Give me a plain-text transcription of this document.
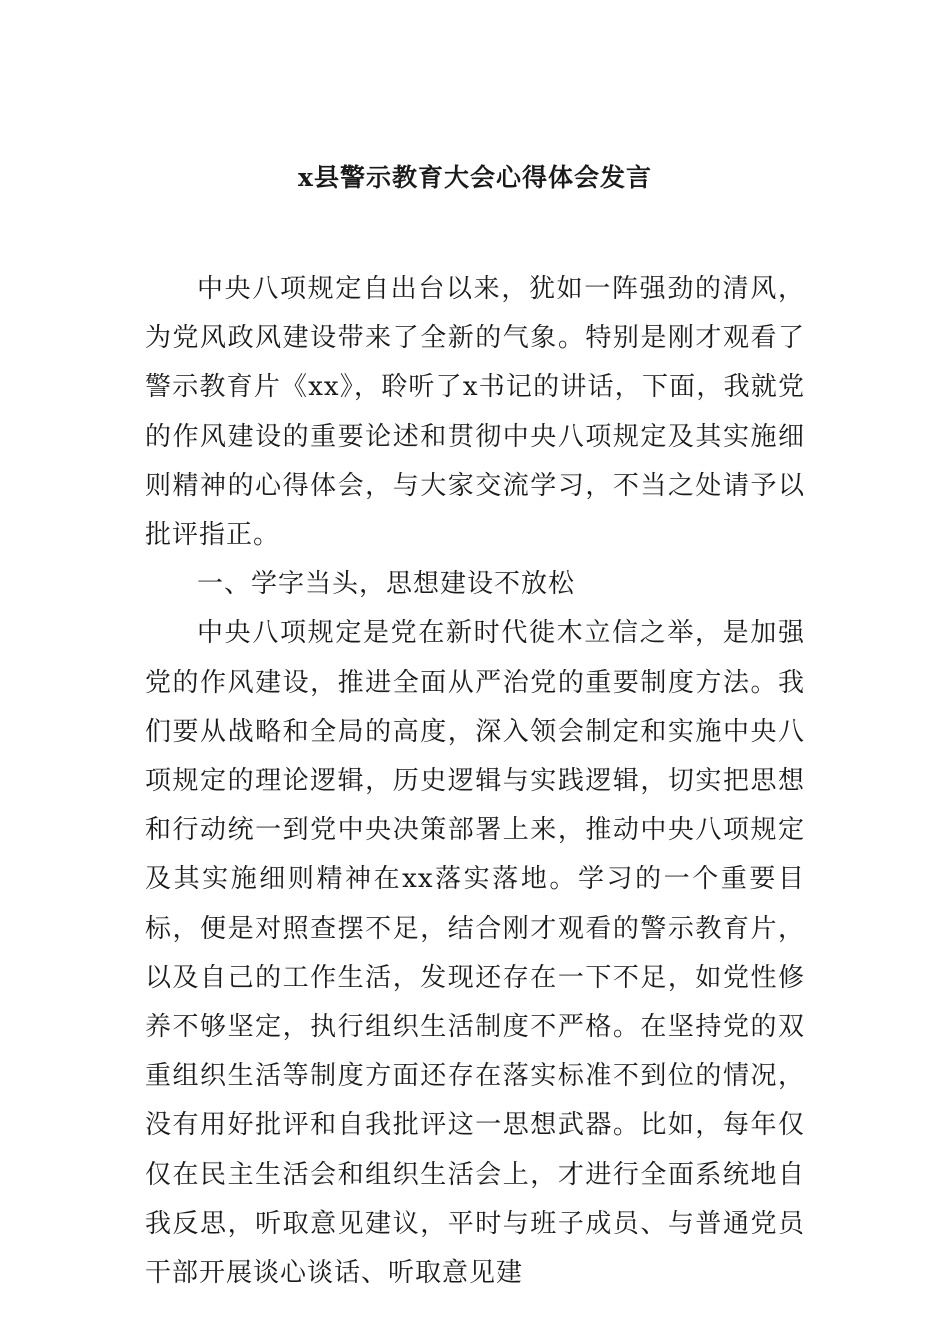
x县警示教育大会心得体会发言

中央八项规定自出台以来，犹如一阵强劲的清风，为党风政风建设带来了全新的气象。特别是刚才观看了警示教育片《xx》，聆听了x书记的讲话，下面，我就党的作风建设的重要论述和贯彻中央八项规定及其实施细则精神的心得体会，与大家交流学习，不当之处请予以批评指正。

一、学字当头，思想建设不放松

中央八项规定是党在新时代徙木立信之举，是加强党的作风建设，推进全面从严治党的重要制度方法。我们要从战略和全局的高度，深入领会制定和实施中央八项规定的理论逻辑，历史逻辑与实践逻辑，切实把思想和行动统一到党中央决策部署上来，推动中央八项规定及其实施细则精神在xx落实落地。学习的一个重要目标，便是对照查摆不足，结合刚才观看的警示教育片，以及自己的工作生活，发现还存在一下不足，如党性修养不够坚定，执行组织生活制度不严格。在坚持党的双重组织生活等制度方面还存在落实标准不到位的情况，没有用好批评和自我批评这一思想武器。比如，每年仅仅在民主生活会和组织生活会上，才进行全面系统地自我反思，听取意见建议，平时与班子成员、与普通党员干部开展谈心谈话、听取意见建
